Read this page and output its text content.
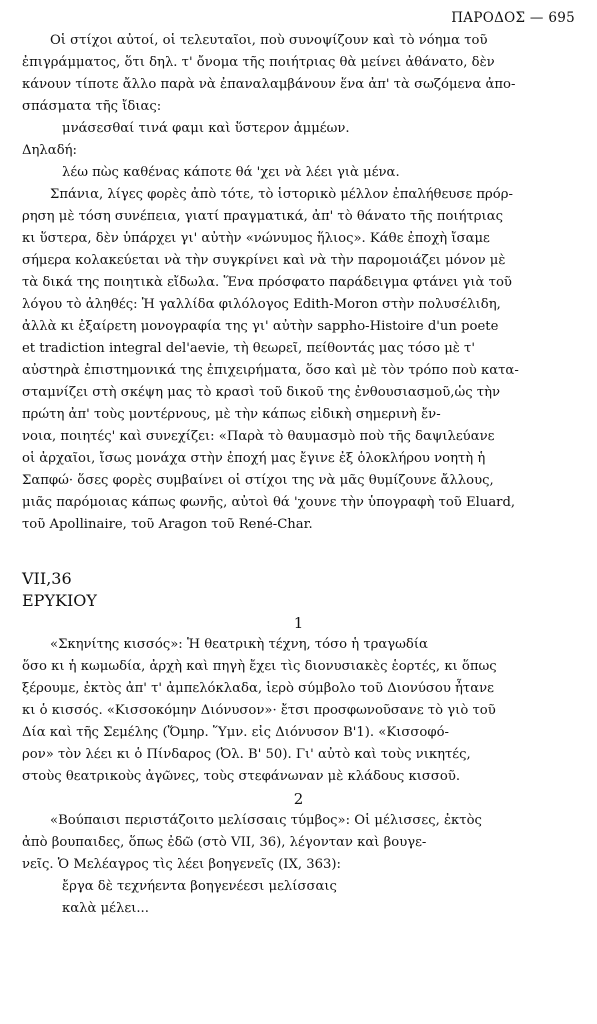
ΠΑΡΟΔΟΣ — 695
Οἱ στίχοι αὐτοί, οἱ τελευταῖοι, ποὺ συνοψίζουν καὶ τὸ νόημα τοῦ
ἐπιγράμματος, ὅτι δηλ. τ' ὄνομα τῆς ποιήτριας θὰ μείνει ἀθάνατο, δὲν
κάνουν τίποτε ἄλλο παρὰ νὰ ἐπαναλαμβάνουν ἕνα ἀπ' τὰ σωζόμενα ἀπο-
σπάσματα τῆς ἴδιας:
μνάσεσθαί τινά φαμι καὶ ὕστερον ἀμμέων.
Δηλαδή:
λέω πὼς καθένας κάποτε θά 'χει νὰ λέει γιὰ μένα.
Σπάνια, λίγες φορὲς ἀπὸ τότε, τὸ ἱστορικὸ μέλλον ἐπαλήθευσε πρόρ-
ρηση μὲ τόση συνέπεια, γιατί πραγματικά, ἀπ' τὸ θάνατο τῆς ποιήτριας
κι ὕστερα, δὲν ὑπάρχει γι' αὐτὴν «νώνυμος ἥλιος». Κάθε ἐποχὴ ἴσαμε
σήμερα κολακεύεται νὰ τὴν συγκρίνει καὶ νὰ τὴν παρομοιάζει μόνον μὲ
τὰ δικά της ποιητικὰ εἴδωλα. Ἕνα πρόσφατο παράδειγμα φτάνει γιὰ τοῦ
λόγου τὸ ἀληθές: Ἡ γαλλίδα φιλόλογος Edith-Moron στὴν πολυσέλιδη,
ἀλλὰ κι ἐξαίρετη μονογραφία της γι' αὐτὴν sappho-Histoire d'un poete
et tradiction integral del'aevie, τὴ θεωρεῖ, πείθοντάς μας τόσο μὲ τ'
αὐστηρὰ ἐπιστημονικά της ἐπιχειρήματα, ὅσο καὶ μὲ τὸν τρόπο ποὺ κατα-
σταμνίζει στὴ σκέψη μας τὸ κρασὶ τοῦ δικοῦ της ἐνθουσιασμοῦ,ὡς τὴν
πρώτη ἀπ' τοὺς μοντέρνους, μὲ τὴν κάπως εἰδικὴ σημερινὴ ἔν-
νοια, ποιητές' καὶ συνεχίζει: «Παρὰ τὸ θαυμασμὸ ποὺ τῆς δαψιλεύανε
οἱ ἀρχαῖοι, ἴσως μονάχα στὴν ἐποχή μας ἔγινε ἐξ ὁλοκλήρου νοητὴ ἡ
Σαπφώ· ὅσες φορὲς συμβαίνει οἱ στίχοι της νὰ μᾶς θυμίζουνε ἄλλους,
μιᾶς παρόμοιας κάπως φωνῆς, αὐτοὶ θά 'χουνε τὴν ὑπογραφὴ τοῦ Eluard,
τοῦ Apollinaire, τοῦ Aragon τοῦ René-Char.
VII,36
ΕΡΥΚΙΟΥ
1
«Σκηνίτης κισσός»: Ἡ θεατρικὴ τέχνη, τόσο ἡ τραγωδία
ὅσο κι ἡ κωμωδία, ἀρχὴ καὶ πηγὴ ἔχει τὶς διονυσιακὲς ἑορτές, κι ὅπως
ξέρουμε, ἐκτὸς ἀπ' τ' ἀμπελόκλαδα, ἱερὸ σύμβολο τοῦ Διονύσου ἦτανε
κι ὁ κισσός. «Κισσοκόμην Διόνυσον»· ἔτσι προσφωνοῦσανε τὸ γιὸ τοῦ
Δία καὶ τῆς Σεμέλης (Ὅμηρ. Ὕμν. εἰς Διόνυσον Β'1). «Κισσοφό-
ρον» τὸν λέει κι ὁ Πίνδαρος (Ὀλ. Β' 50). Γι' αὐτὸ καὶ τοὺς νικητές,
στοὺς θεατρικοὺς ἀγῶνες, τοὺς στεφάνωναν μὲ κλάδους κισσοῦ.
2
«Βούπαισι περιστάζοιτο μελίσσαις τύμβος»: Οἱ μέλισσες, ἐκτὸς
ἀπὸ βουπαιδες, ὅπως ἐδῶ (στὸ VII, 36), λέγονταν καὶ βουγε-
νεῖς. Ὁ Μελέαγρος τὶς λέει βοηγενεῖς (IX, 363):
ἔργα δὲ τεχνήεντα βοηγενέεσι μελίσσαις
καλὰ μέλει...
